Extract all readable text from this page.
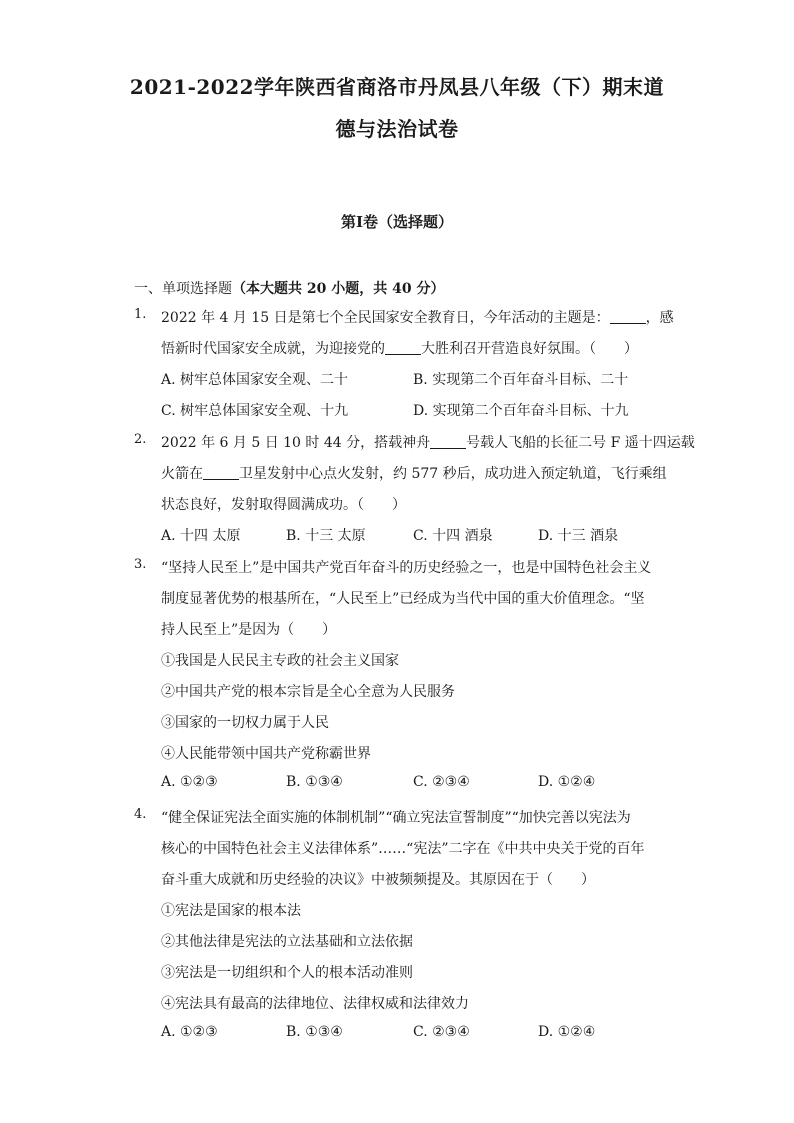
2021-2022学年陕西省商洛市丹凤县八年级（下）期末道
德与法治试卷
第Ⅰ卷（选择题）
一、单项选择题（本大题共 20 小题，共 40 分）
1. 2022 年 4 月 15 日是第七个全民国家安全教育日，今年活动的主题是：	，感
悟新时代国家安全成就，为迎接党的	大胜利召开营造良好氛围。（　　）
A. 树牢总体国家安全观、二十	B. 实现第二个百年奋斗目标、二十
C. 树牢总体国家安全观、十九	D. 实现第二个百年奋斗目标、十九
2. 2022 年 6 月 5 日 10 时 44 分，搭载神舟	号载人飞船的长征二号 F 遥十四运载
火箭在	卫星发射中心点火发射，约 577 秒后，成功进入预定轨道，飞行乘组
状态良好，发射取得圆满成功。（　　）
A. 十四 太原	B. 十三 太原	C. 十四 酒泉	D. 十三 酒泉
3. “坚持人民至上”是中国共产党百年奋斗的历史经验之一，也是中国特色社会主义
制度显著优势的根基所在，“人民至上”已经成为当代中国的重大价值理念。“坚
持人民至上”是因为（　　）
①我国是人民民主专政的社会主义国家
②中国共产党的根本宗旨是全心全意为人民服务
③国家的一切权力属于人民
④人民能带领中国共产党称霸世界
A. ①②③	B. ①③④	C. ②③④	D. ①②④
4. “健全保证宪法全面实施的体制机制”“确立宪法宣誓制度”“加快完善以宪法为
核心的中国特色社会主义法律体系”……“宪法”二字在《中共中央关于党的百年
奋斗重大成就和历史经验的决议》中被频频提及。其原因在于（　　）
①宪法是国家的根本法
②其他法律是宪法的立法基础和立法依据
③宪法是一切组织和个人的根本活动准则
④宪法具有最高的法律地位、法律权威和法律效力
A. ①②③	B. ①③④	C. ②③④	D. ①②④
